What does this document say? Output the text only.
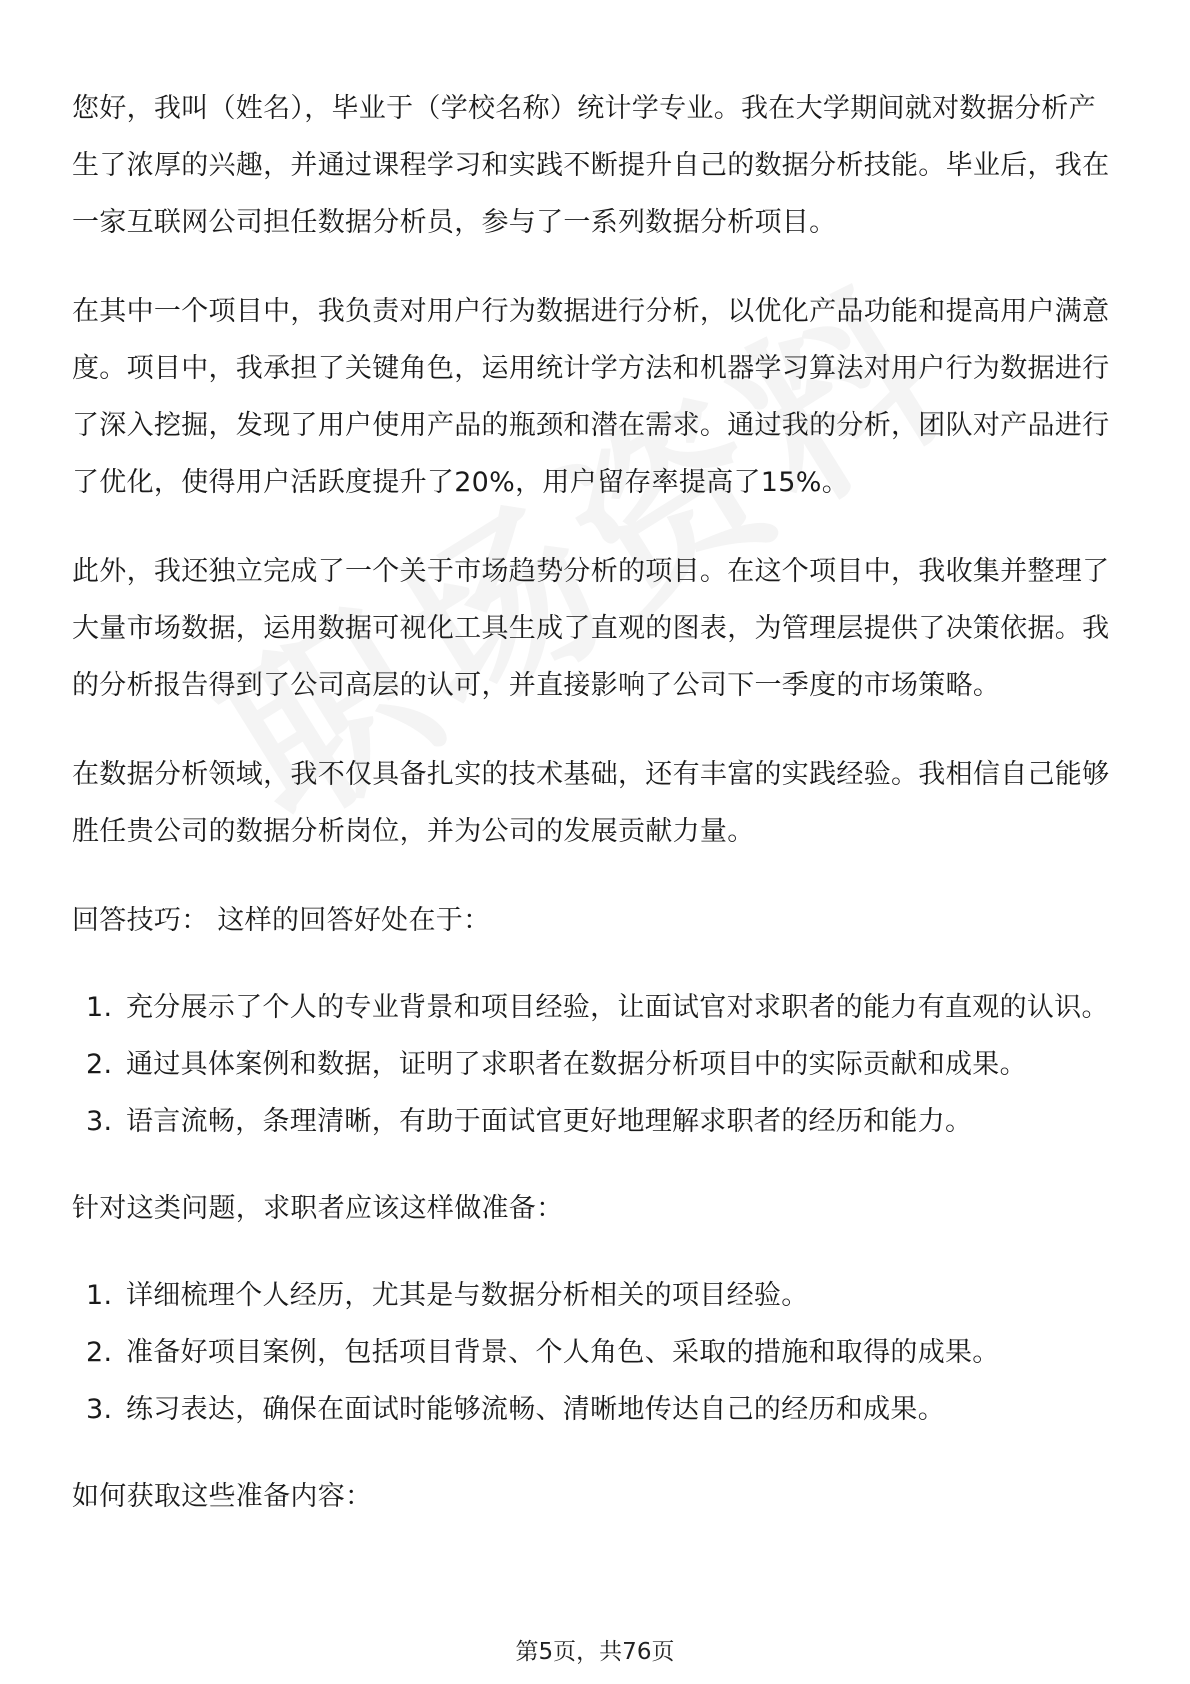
您好，我叫（姓名），毕业于（学校名称）统计学专业。我在大学期间就对数据分析产生了浓厚的兴趣，并通过课程学习和实践不断提升自己的数据分析技能。毕业后，我在一家互联网公司担任数据分析员，参与了一系列数据分析项目。

在其中一个项目中，我负责对用户行为数据进行分析，以优化产品功能和提高用户满意度。项目中，我承担了关键角色，运用统计学方法和机器学习算法对用户行为数据进行了深入挖掘，发现了用户使用产品的瓶颈和潜在需求。通过我的分析，团队对产品进行了优化，使得用户活跃度提升了20%，用户留存率提高了15%。

此外，我还独立完成了一个关于市场趋势分析的项目。在这个项目中，我收集并整理了大量市场数据，运用数据可视化工具生成了直观的图表，为管理层提供了决策依据。我的分析报告得到了公司高层的认可，并直接影响了公司下一季度的市场策略。

在数据分析领域，我不仅具备扎实的技术基础，还有丰富的实践经验。我相信自己能够胜任贵公司的数据分析岗位，并为公司的发展贡献力量。

回答技巧： 这样的回答好处在于：

1. 充分展示了个人的专业背景和项目经验，让面试官对求职者的能力有直观的认识。
2. 通过具体案例和数据，证明了求职者在数据分析项目中的实际贡献和成果。
3. 语言流畅，条理清晰，有助于面试官更好地理解求职者的经历和能力。

针对这类问题，求职者应该这样做准备：

1. 详细梳理个人经历，尤其是与数据分析相关的项目经验。
2. 准备好项目案例，包括项目背景、个人角色、采取的措施和取得的成果。
3. 练习表达，确保在面试时能够流畅、清晰地传达自己的经历和成果。

如何获取这些准备内容：

第5页，共76页
